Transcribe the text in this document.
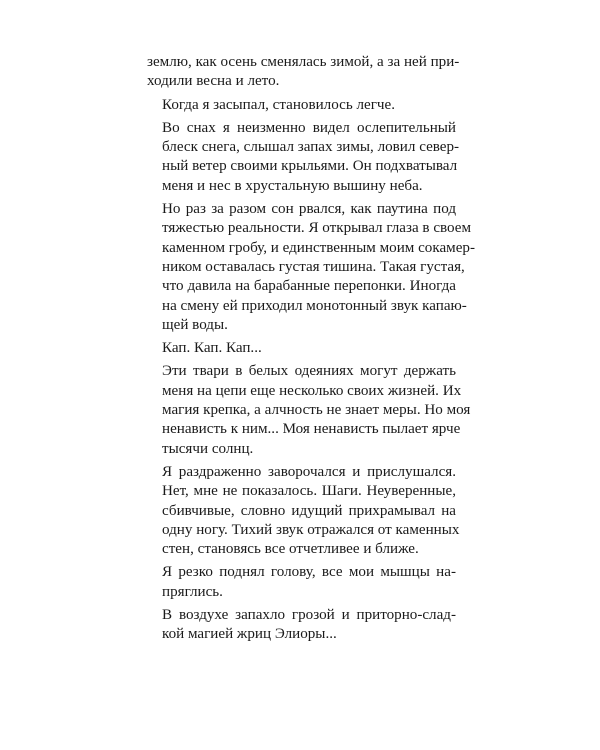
землю, как осень сменялась зимой, а за ней при-
ходили весна и лето.

Когда я засыпал, становилось легче.

Во снах я неизменно видел ослепительный
блеск снега, слышал запах зимы, ловил север-
ный ветер своими крыльями. Он подхватывал
меня и нес в хрустальную вышину неба.

Но раз за разом сон рвался, как паутина под
тяжестью реальности. Я открывал глаза в своем
каменном гробу, и единственным моим сокамер-
ником оставалась густая тишина. Такая густая,
что давила на барабанные перепонки. Иногда
на смену ей приходил монотонный звук капаю-
щей воды.

Кап. Кап. Кап...

Эти твари в белых одеяниях могут держать
меня на цепи еще несколько своих жизней. Их
магия крепка, а алчность не знает меры. Но моя
ненависть к ним... Моя ненависть пылает ярче
тысячи солнц.

Я раздраженно заворочался и прислушался.
Нет, мне не показалось. Шаги. Неуверенные,
сбивчивые, словно идущий прихрамывал на
одну ногу. Тихий звук отражался от каменных
стен, становясь все отчетливее и ближе.

Я резко поднял голову, все мои мышцы на-
пряглись.

В воздухе запахло грозой и приторно-слад-
кой магией жриц Элиоры...
